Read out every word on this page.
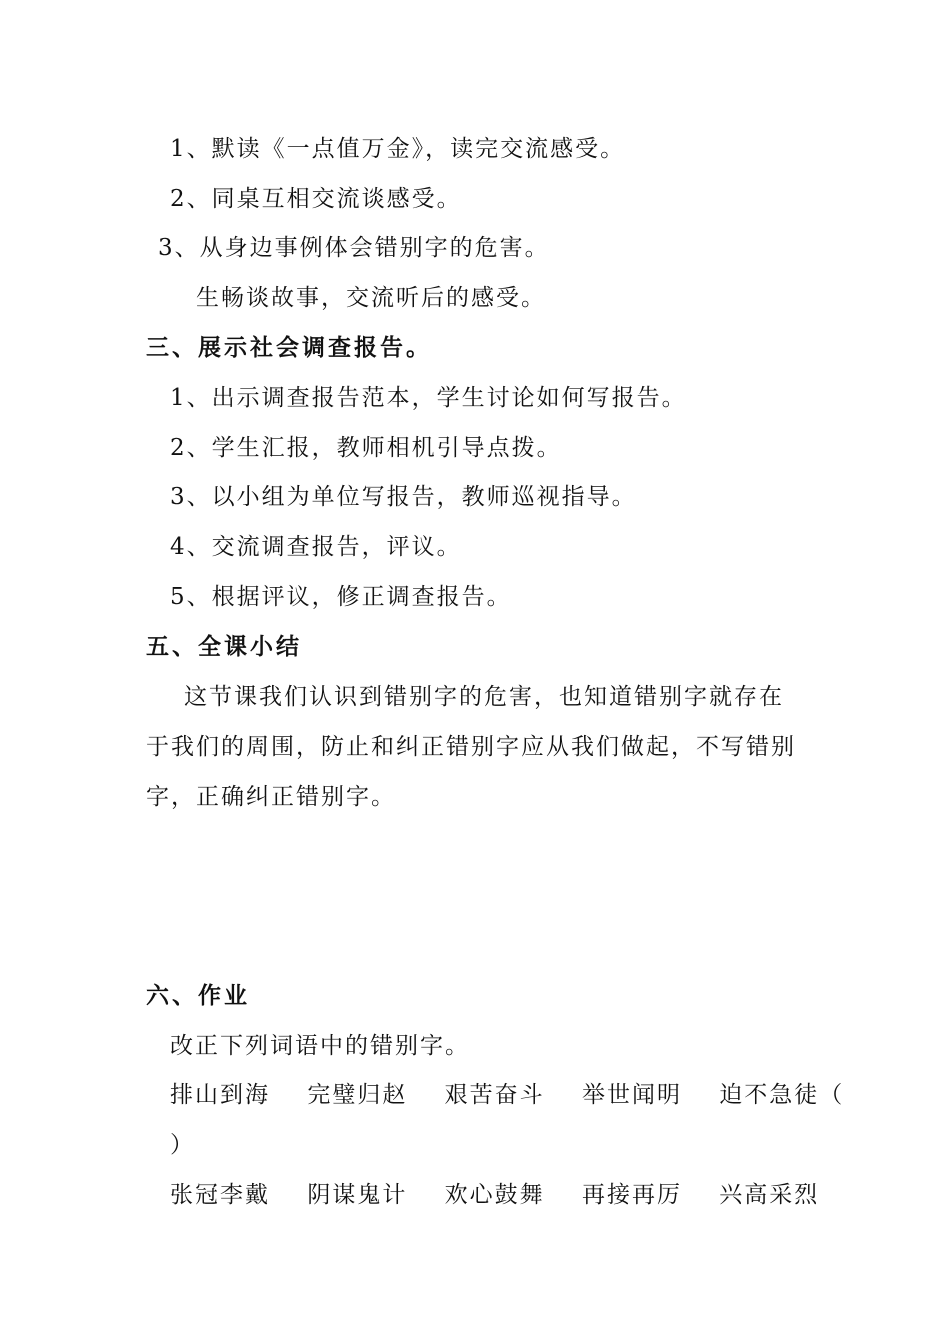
1、默读《一点值万金》，读完交流感受。
2、同桌互相交流谈感受。
3、从身边事例体会错别字的危害。
生畅谈故事，交流听后的感受。
三、展示社会调查报告。
1、出示调查报告范本，学生讨论如何写报告。
2、学生汇报，教师相机引导点拨。
3、以小组为单位写报告，教师巡视指导。
4、交流调查报告，评议。
5、根据评议，修正调查报告。
五、全课小结
这节课我们认识到错别字的危害，也知道错别字就存在
于我们的周围，防止和纠正错别字应从我们做起，不写错别
字，正确纠正错别字。
六、作业
改正下列词语中的错别字。
排山到海 完璧归赵 艰苦奋斗 举世闻明 迫不急徒（
）
张冠李戴 阴谋鬼计 欢心鼓舞 再接再厉 兴高采烈
